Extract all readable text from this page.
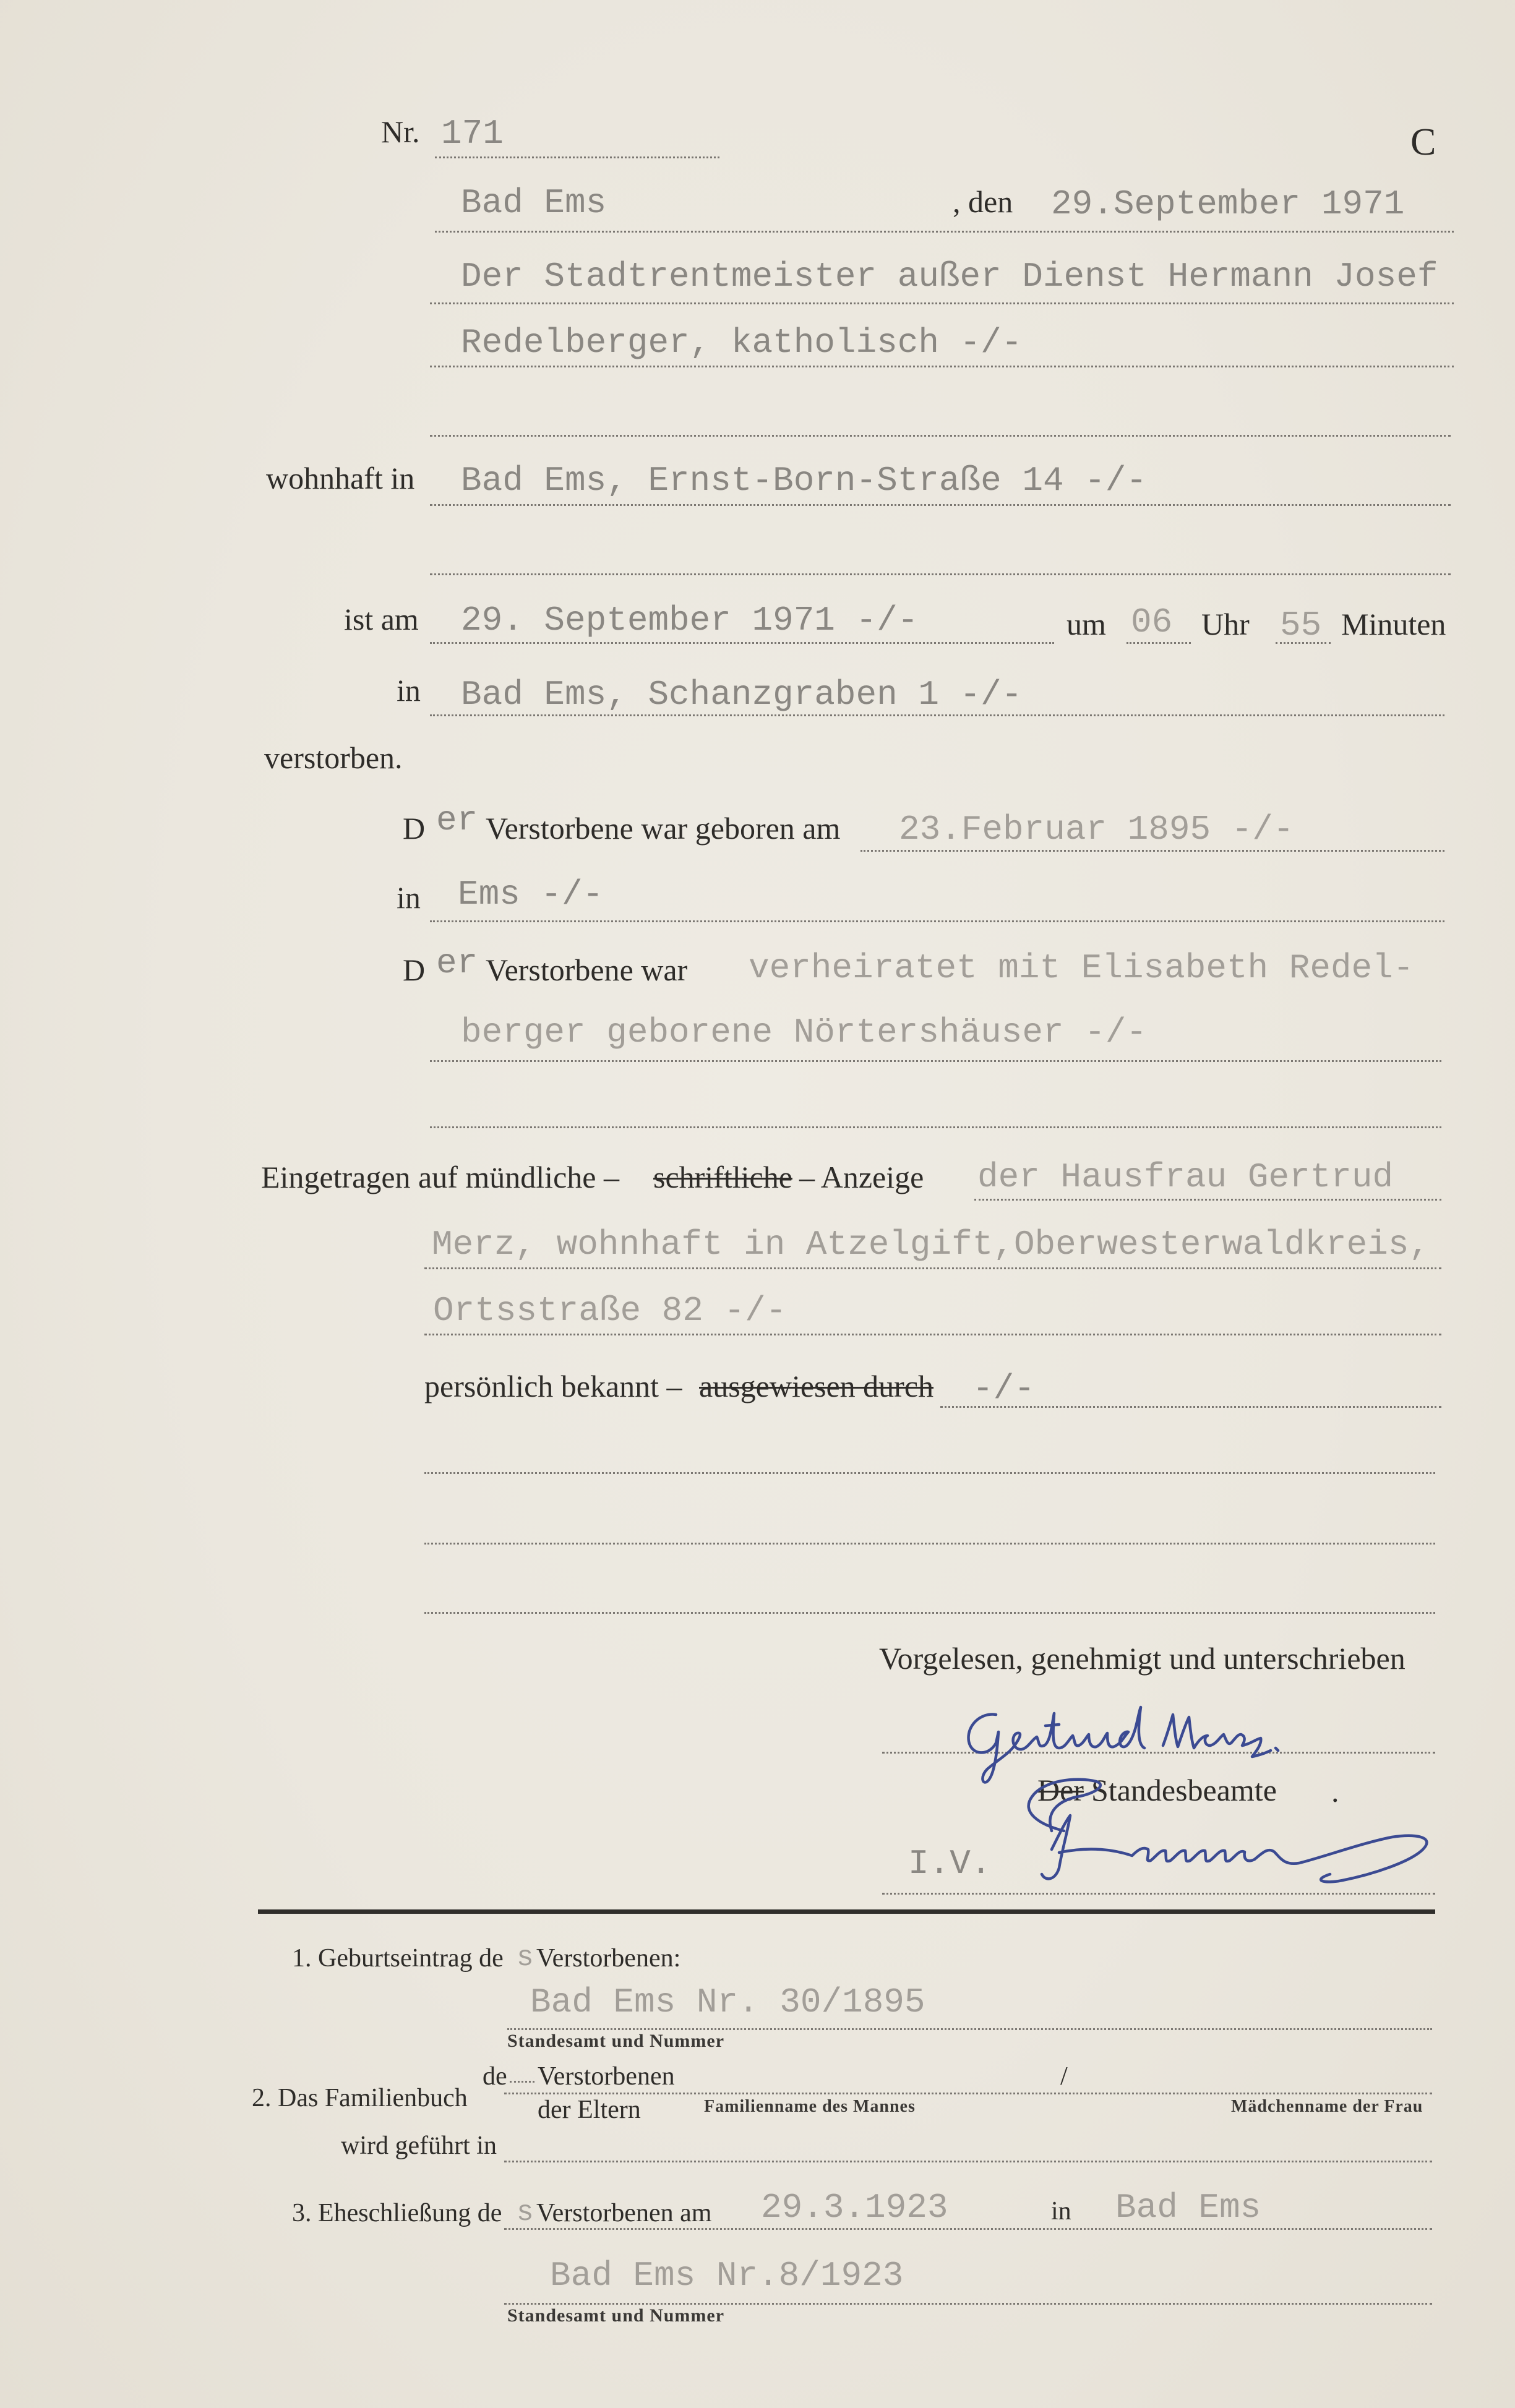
Nr. 171	C
Bad Ems	, den 29.September 1971
Der Stadtrentmeister außer Dienst Hermann Josef
Redelberger, katholisch -/-
wohnhaft in Bad Ems, Ernst-Born-Straße 14 -/-
ist am 29. September 1971 -/-	um 06 Uhr 55 Minuten
in Bad Ems, Schanzgraben 1 -/-
verstorben.
D er Verstorbene war geboren am 23.Februar 1895 -/-
in Ems -/-
D er Verstorbene war verheiratet mit Elisabeth Redel-
berger geborene Nörtershäuser -/-
Eingetragen auf mündliche – schriftliche – Anzeige der Hausfrau Gertrud
Merz, wohnhaft in Atzelgift,Oberwesterwaldkreis,
Ortsstraße 82 -/-
persönlich bekannt – ausgewiesen durch -/-
Vorgelesen, genehmigt und unterschrieben
Der Standesbeamte .
I.V.
1. Geburtseintrag de s Verstorbenen:
Bad Ems Nr. 30/1895
Standesamt und Nummer
2. Das Familienbuch
de Verstorbenen	/
der Eltern	Familienname des Mannes	Mädchenname der Frau
wird geführt in
3. Eheschließung de s Verstorbenen am 29.3.1923	in Bad Ems
Bad Ems Nr.8/1923
Standesamt und Nummer
